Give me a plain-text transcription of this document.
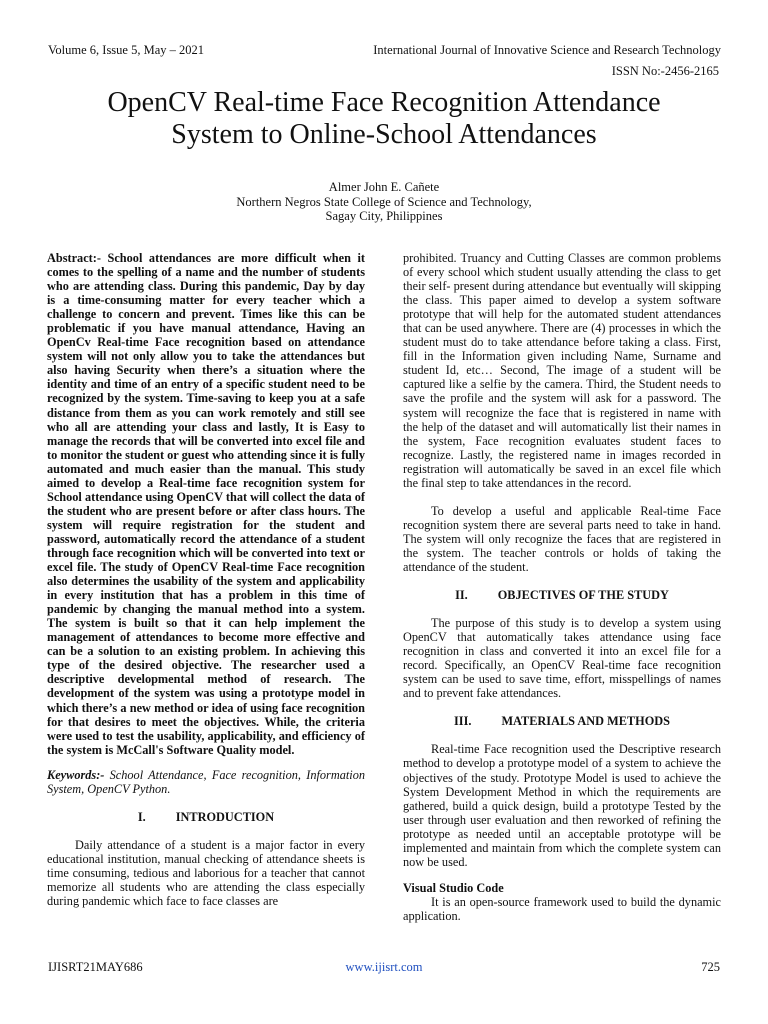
Volume 6, Issue 5, May – 2021	International Journal of Innovative Science and Research Technology
ISSN No:-2456-2165
OpenCV Real-time Face Recognition Attendance
System to Online-School Attendances
Almer John E. Cañete
Northern Negros State College of Science and Technology,
Sagay City, Philippines

Abstract:- School attendances are more difficult when it comes to the spelling of a name and the number of students who are attending class. During this pandemic, Day by day is a time-consuming matter for every teacher which a challenge to concern and prevent. Times like this can be problematic if you have manual attendance, Having an OpenCv Real-time Face recognition based on attendance system will not only allow you to take the attendances but also having Security when there’s a situation where the identity and time of an entry of a specific student need to be recognized by the system. Time-saving to keep you at a safe distance from them as you can work remotely and still see who all are attending your class and lastly, It is Easy to manage the records that will be converted into excel file and to monitor the student or guest who attending since it is fully automated and much easier than the manual. This study aimed to develop a Real-time face recognition system for School attendance using OpenCV that will collect the data of the student who are present before or after class hours. The system will require registration for the student and password, automatically record the attendance of a student through face recognition which will be converted into text or excel file. The study of OpenCV Real-time Face recognition also determines the usability of the system and applicability in every institution that has a problem in this time of pandemic by changing the manual method into a system. The system is built so that it can help implement the management of attendances to become more effective and can be a solution to an existing problem. In achieving this type of the desired objective. The researcher used a descriptive developmental method of research. The development of the system was using a prototype model in which there’s a new method or idea of using face recognition for that desires to meet the objectives. While, the criteria were used to test the usability, applicability, and efficiency of the system is McCall's Software Quality model.

Keywords:- School Attendance, Face recognition, Information System, OpenCV Python.

I. INTRODUCTION

Daily attendance of a student is a major factor in every educational institution, manual checking of attendance sheets is time consuming, tedious and laborious for a teacher that cannot memorize all students who are attending the class especially during pandemic which face to face classes are

prohibited. Truancy and Cutting Classes are common problems of every school which student usually attending the class to get their self- present during attendance but eventually will skipping the class. This paper aimed to develop a system software prototype that will help for the automated student attendances that can be used anywhere. There are (4) processes in which the student must do to take attendance before taking a class. First, fill in the Information given including Name, Surname and student Id, etc… Second, The image of a student will be captured like a selfie by the camera. Third, the Student needs to save the profile and the system will ask for a password. The system will recognize the face that is registered in name with the help of the dataset and will automatically list their names in the system, Face recognition evaluates student faces to recognize. Lastly, the registered name in images recorded in registration will automatically be saved in an excel file which the final step to take attendances in the record.

To develop a useful and applicable Real-time Face recognition system there are several parts need to take in hand. The system will only recognize the faces that are registered in the system. The teacher controls or holds of taking the attendance of the student.

II. OBJECTIVES OF THE STUDY

The purpose of this study is to develop a system using OpenCV that automatically takes attendance using face recognition in class and converted it into an excel file for a record. Specifically, an OpenCV Real-time face recognition system can be used to save time, effort, misspellings of names and to prevent fake attendances.

III. MATERIALS AND METHODS

Real-time Face recognition used the Descriptive research method to develop a prototype model of a system to achieve the objectives of the study. Prototype Model is used to achieve the System Development Method in which the requirements are gathered, build a quick design, build a prototype Tested by the user through user evaluation and then reworked of refining the prototype as needed until an acceptable prototype will be implemented and maintain from which the complete system can now be used.

Visual Studio Code

It is an open-source framework used to build the dynamic application.

IJISRT21MAY686	www.ijisrt.com	725
